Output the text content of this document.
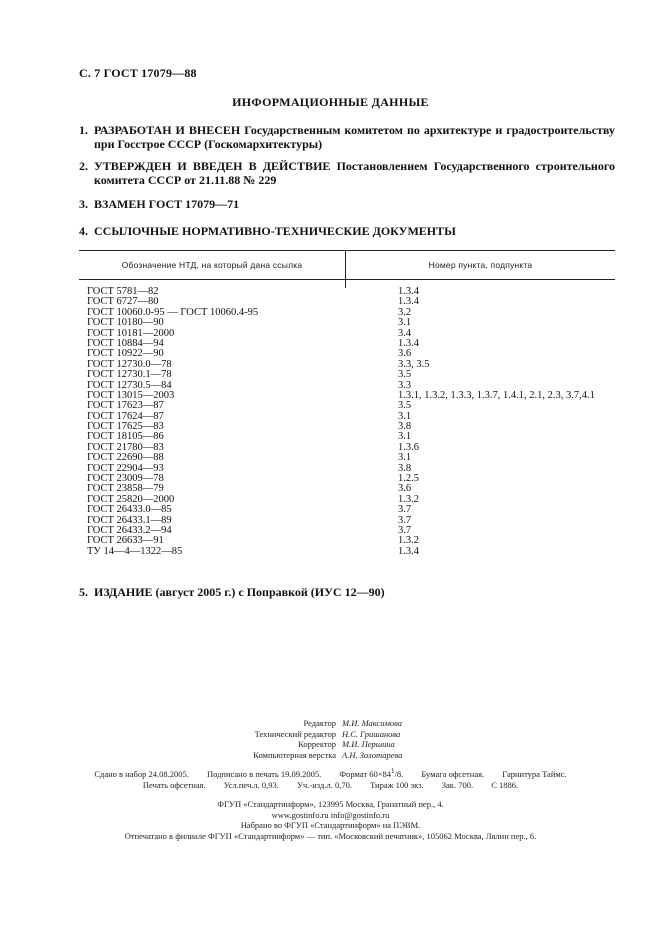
С. 7 ГОСТ 17079—88
ИНФОРМАЦИОННЫЕ ДАННЫЕ
1. РАЗРАБОТАН И ВНЕСЕН Государственным комитетом по архитектуре и градостроительству при Госстрое СССР (Госкомархитектуры)
2. УТВЕРЖДЕН И ВВЕДЕН В ДЕЙСТВИЕ Постановлением Государственного строительного комитета СССР от 21.11.88 № 229
3. ВЗАМЕН ГОСТ 17079—71
4. ССЫЛОЧНЫЕ НОРМАТИВНО-ТЕХНИЧЕСКИЕ ДОКУМЕНТЫ
Обозначение НТД, на который дана ссылка	Номер пункта, подпункта
ГОСТ 5781—82	1.3.4
ГОСТ 6727—80	1.3.4
ГОСТ 10060.0-95 — ГОСТ 10060.4-95	3.2
ГОСТ 10180—90	3.1
ГОСТ 10181—2000	3.4
ГОСТ 10884—94	1.3.4
ГОСТ 10922—90	3.6
ГОСТ 12730.0—78	3.3, 3.5
ГОСТ 12730.1—78	3.5
ГОСТ 12730.5—84	3.3
ГОСТ 13015—2003	1.3.1, 1.3.2, 1.3.3, 1.3.7, 1.4.1, 2.1, 2.3, 3.7,4.1
ГОСТ 17623—87	3.5
ГОСТ 17624—87	3.1
ГОСТ 17625—83	3.8
ГОСТ 18105—86	3.1
ГОСТ 21780—83	1.3.6
ГОСТ 22690—88	3.1
ГОСТ 22904—93	3.8
ГОСТ 23009—78	1.2.5
ГОСТ 23858—79	3.6
ГОСТ 25820—2000	1.3.2
ГОСТ 26433.0—85	3.7
ГОСТ 26433.1—89	3.7
ГОСТ 26433.2—94	3.7
ГОСТ 26633—91	1.3.2
ТУ 14—4—1322—85	1.3.4
5. ИЗДАНИЕ (август 2005 г.) с Поправкой (ИУС 12—90)
Редактор М.И. Максимова
Технический редактор Н.С. Гришанова
Корректор М.И. Першина
Компьютерная верстка А.Н. Золотарева
Сдано в набор 24.08.2005. Подписано в печать 19.09.2005. Формат $60\times 84^1/8$. Бумага офсетная. Гарнитура Таймс.
Печать офсетная. Усл.печ.л. 0,93. Уч.-изд.л. 0,70. Тираж 100 экз. Зак. 700. С 1886.
ФГУП «Стандартинформ», 123995 Москва, Гранатный пер., 4.
www.gostinfo.ru info@gostinfo.ru
Набрано во ФГУП «Стандартинформ» на ПЭВМ.
Отпечатано в филиале ФГУП «Стандартинформ» — тип. «Московский печатник», 105062 Москва, Лялин пер., 6.
